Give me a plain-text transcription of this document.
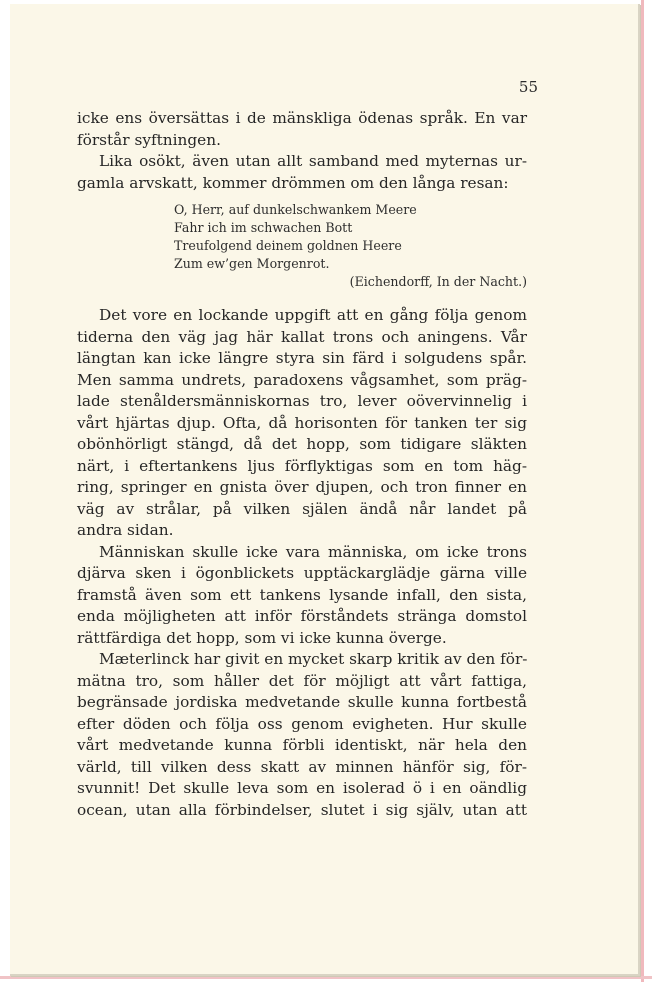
55
icke ens översättas i de mänskliga ödenas språk. En var
förstår syftningen.
Lika osökt, även utan allt samband med myternas ur-
gamla arvskatt, kommer drömmen om den långa resan:
O, Herr, auf dunkelschwankem Meere
Fahr ich im schwachen Bott
Treufolgend deinem goldnen Heere
Zum ew’gen Morgenrot.
(Eichendorff, In der Nacht.)
Det vore en lockande uppgift att en gång följa genom
tiderna den väg jag här kallat trons och aningens. Vår
längtan kan icke längre styra sin färd i solgudens spår.
Men samma undrets, paradoxens vågsamhet, som präg-
lade stenåldersmänniskornas tro, lever oövervinnelig i
vårt hjärtas djup. Ofta, då horisonten för tanken ter sig
obönhörligt stängd, då det hopp, som tidigare släkten
närt, i eftertankens ljus förflyktigas som en tom häg-
ring, springer en gnista över djupen, och tron finner en
väg av strålar, på vilken själen ändå når landet på
andra sidan.
Människan skulle icke vara människa, om icke trons
djärva sken i ögonblickets upptäckarglädje gärna ville
framstå även som ett tankens lysande infall, den sista,
enda möjligheten att inför förståndets stränga domstol
rättfärdiga det hopp, som vi icke kunna överge.
Mæterlinck har givit en mycket skarp kritik av den för-
mätna tro, som håller det för möjligt att vårt fattiga,
begränsade jordiska medvetande skulle kunna fortbestå
efter döden och följa oss genom evigheten. Hur skulle
vårt medvetande kunna förbli identiskt, när hela den
värld, till vilken dess skatt av minnen hänför sig, för-
svunnit! Det skulle leva som en isolerad ö i en oändlig
ocean, utan alla förbindelser, slutet i sig själv, utan att
